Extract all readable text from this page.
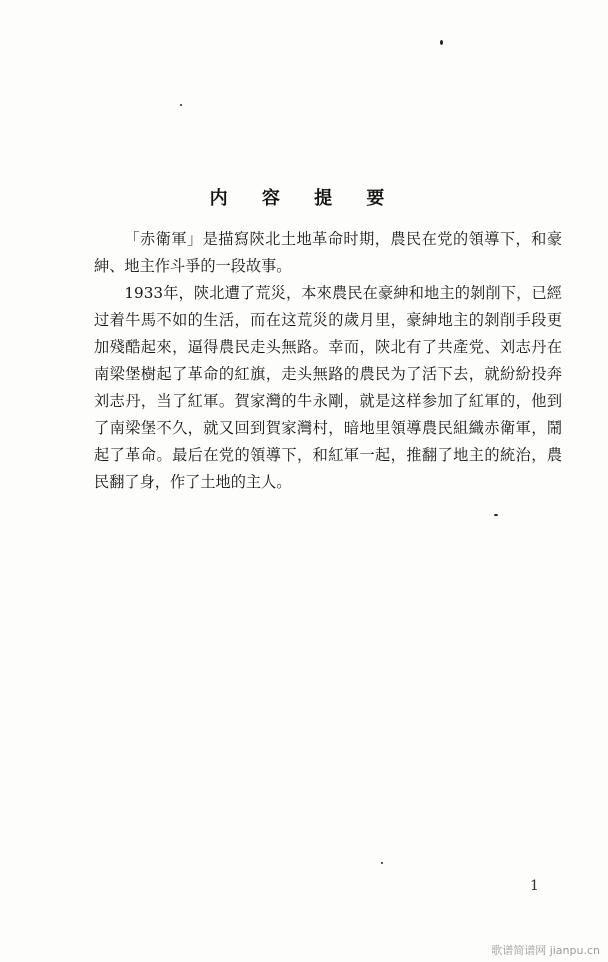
内 容 提 要

「赤衛軍」是描寫陝北土地革命时期，農民在党的領導下，和豪紳、地主作斗爭的一段故事。

1933年，陝北遭了荒災，本來農民在豪紳和地主的剝削下，已經过着牛馬不如的生活，而在这荒災的歲月里，豪紳地主的剝削手段更加殘酷起來，逼得農民走头無路。幸而，陝北有了共產党、刘志丹在南梁堡樹起了革命的紅旗，走头無路的農民为了活下去，就紛紛投奔刘志丹，当了紅軍。賀家灣的牛永剛，就是这样参加了紅軍的，他到了南梁堡不久，就又回到賀家灣村，暗地里領導農民組織赤衛軍，鬧起了革命。最后在党的領導下，和紅軍一起，推翻了地主的統治，農民翻了身，作了土地的主人。

1
歌谱简谱网 jianpu.cn
